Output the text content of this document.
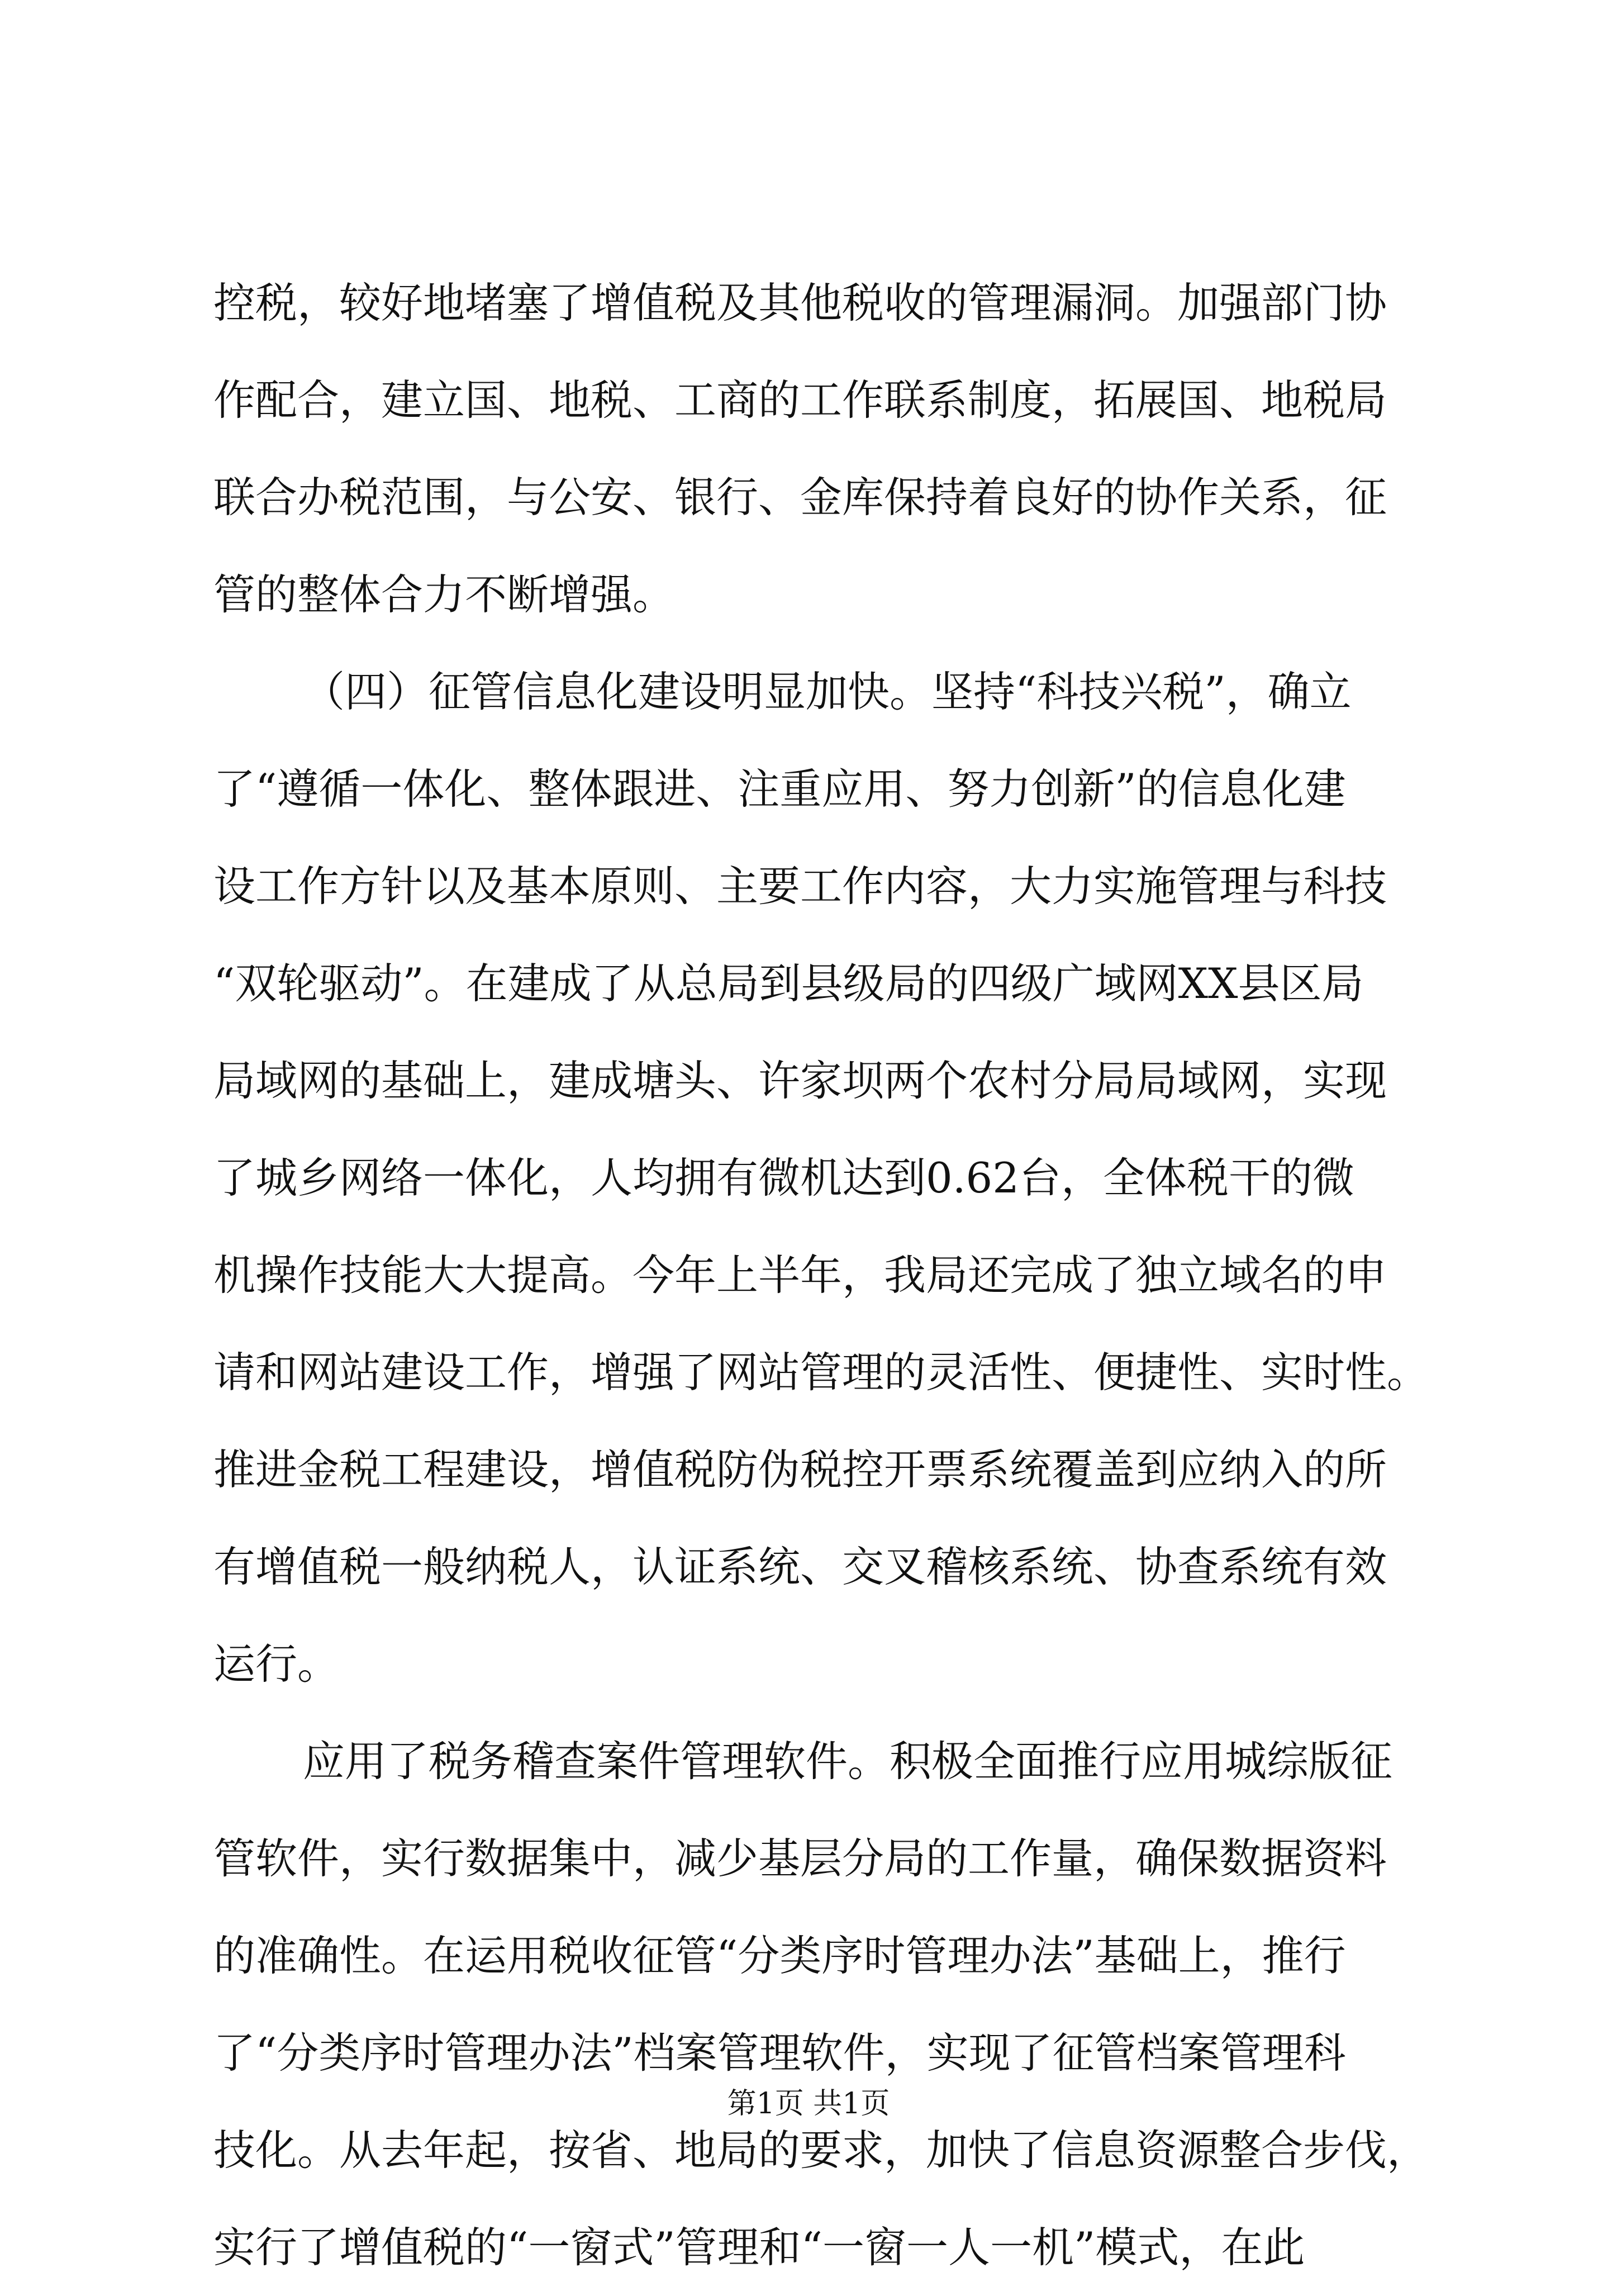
控税，较好地堵塞了增值税及其他税收的管理漏洞。加强部门协
作配合，建立国、地税、工商的工作联系制度，拓展国、地税局
联合办税范围，与公安、银行、金库保持着良好的协作关系，征
管的整体合力不断增强。
（四）征管信息化建设明显加快。坚持“科技兴税”，确立
了“遵循一体化、整体跟进、注重应用、努力创新”的信息化建
设工作方针以及基本原则、主要工作内容，大力实施管理与科技
“双轮驱动”。在建成了从总局到县级局的四级广域网XX县区局
局域网的基础上，建成塘头、许家坝两个农村分局局域网，实现
了城乡网络一体化，人均拥有微机达到0.62台，全体税干的微
机操作技能大大提高。今年上半年，我局还完成了独立域名的申
请和网站建设工作，增强了网站管理的灵活性、便捷性、实时性。
推进金税工程建设，增值税防伪税控开票系统覆盖到应纳入的所
有增值税一般纳税人，认证系统、交叉稽核系统、协查系统有效
运行。
应用了税务稽查案件管理软件。积极全面推行应用城综版征
管软件，实行数据集中，减少基层分局的工作量，确保数据资料
的准确性。在运用税收征管“分类序时管理办法”基础上，推行
了“分类序时管理办法”档案管理软件，实现了征管档案管理科
技化。从去年起，按省、地局的要求，加快了信息资源整合步伐，
实行了增值税的“一窗式”管理和“一窗一人一机”模式，在此
第1页 共1页
